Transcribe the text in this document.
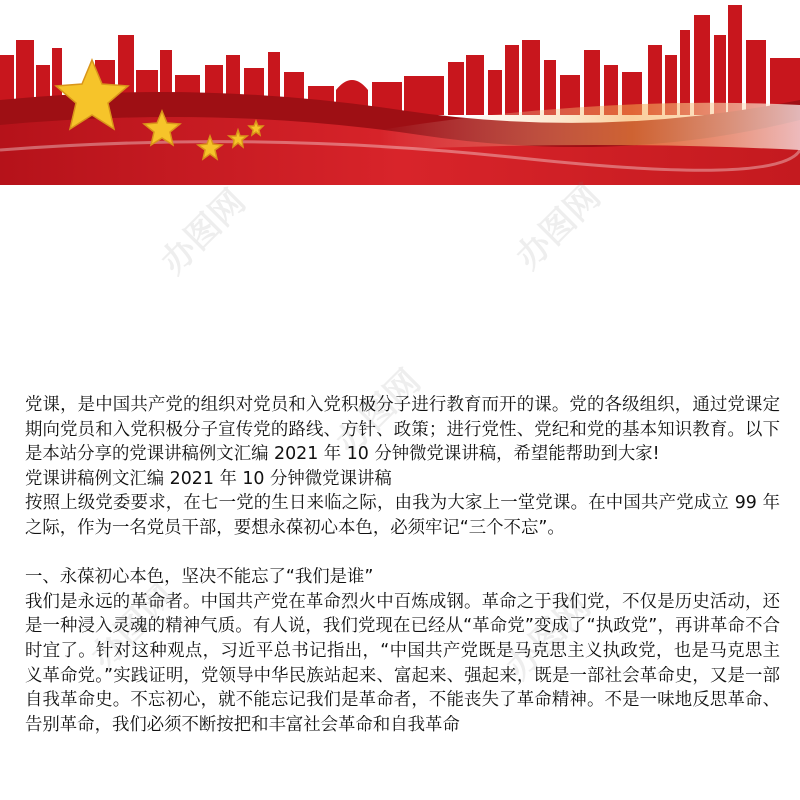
办图网	办图网
办图网
办图网	办图网

党课，是中国共产党的组织对党员和入党积极分子进行教育而开的课。党的各级组织，通过党课定期向党员和入党积极分子宣传党的路线、方针、政策；进行党性、党纪和党的基本知识教育。以下是本站分享的党课讲稿例文汇编 2021 年 10 分钟微党课讲稿，希望能帮助到大家!

党课讲稿例文汇编 2021 年 10 分钟微党课讲稿

按照上级党委要求，在七一党的生日来临之际，由我为大家上一堂党课。在中国共产党成立 99 年之际，作为一名党员干部，要想永葆初心本色，必须牢记“三个不忘”。

一、永葆初心本色，坚决不能忘了“我们是谁”

我们是永远的革命者。中国共产党在革命烈火中百炼成钢。革命之于我们党，不仅是历史活动，还是一种浸入灵魂的精神气质。有人说，我们党现在已经从“革命党”变成了“执政党”，再讲革命不合时宜了。针对这种观点，习近平总书记指出，“中国共产党既是马克思主义执政党，也是马克思主义革命党。”实践证明，党领导中华民族站起来、富起来、强起来，既是一部社会革命史，又是一部自我革命史。不忘初心，就不能忘记我们是革命者，不能丧失了革命精神。不是一味地反思革命、告别革命，我们必须不断按把和丰富社会革命和自我革命
